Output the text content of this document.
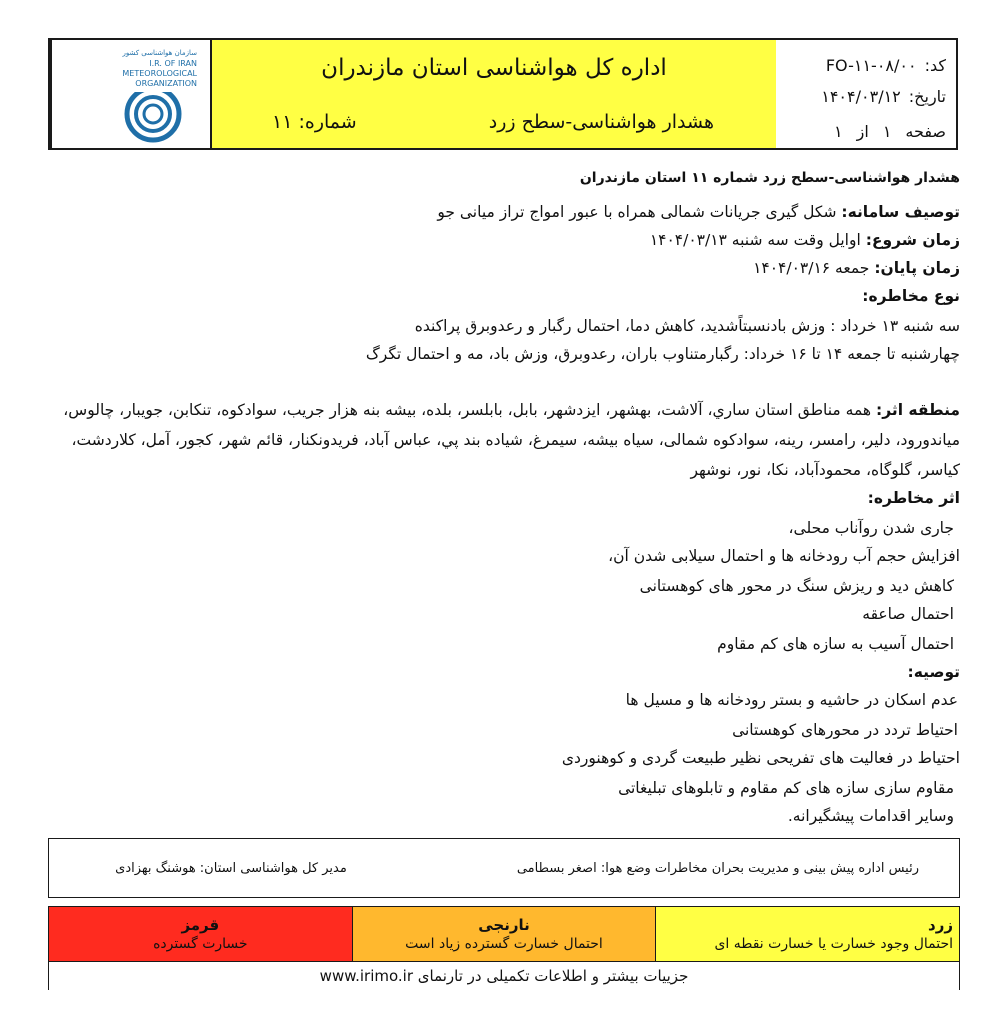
سازمان هواشناسی کشور
I.R. OF IRAN
METEOROLOGICAL
ORGANIZATION
اداره کل هواشناسی استان مازندران
هشدار هواشناسی-سطح زرد
شماره: ۱۱
کد:
FO-۱۱-۰۸/۰۰
تاریخ:
۱۴۰۴/۰۳/۱۲
صفحه
۱
از
۱
هشدار هواشناسی-سطح زرد شماره ۱۱ استان مازندران
توصیف سامانه: شکل گیری جریانات شمالی همراه با عبور امواج تراز میانی جو
زمان شروع: اوایل وقت سه شنبه ۱۴۰۴/۰۳/۱۳
زمان پایان: جمعه ۱۴۰۴/۰۳/۱۶
نوع مخاطره:
سه شنبه ۱۳ خرداد : وزش بادنسبتاًشدید، کاهش دما، احتمال رگبار و رعدوبرق پراکنده
چهارشنبه تا جمعه ۱۴ تا ۱۶ خرداد: رگبارمتناوب باران، رعدوبرق، وزش باد، مه و احتمال تگرگ
منطقه اثر: همه مناطق استان ساري، آلاشت، بهشهر، ايزدشهر، بابل، بابلسر، بلده، بيشه بنه هزار جريب، سوادکوه، تنکابن، جويبار، چالوس،
مياندورود، دلير، رامسر، رينه، سوادکوه شمالی، سياه بيشه، سيمرغ، شياده بند پي، عباس آباد، فريدونکنار، قائم شهر، کجور، آمل، کلاردشت،
کياسر، گلوگاه، محمودآباد، نکا، نور، نوشهر
اثر مخاطره:
جاری شدن روآناب محلی،
افزایش حجم آب رودخانه ها و احتمال سیلابی شدن آن،
کاهش دید و ریزش سنگ در محور های کوهستانی
احتمال صاعقه
احتمال آسیب به سازه های کم مقاوم
توصیه:
عدم اسکان در حاشیه و بستر رودخانه ها و مسیل ها
احتیاط تردد در محورهای کوهستانی
احتیاط در فعالیت های تفریحی نظیر طبیعت گردی و کوهنوردی
مقاوم سازی سازه های کم مقاوم و تابلوهای تبلیغاتی
وسایر اقدامات پیشگیرانه.
رئیس اداره پیش بینی و مدیریت بحران مخاطرات وضع هوا: اصغر بسطامی
مدیر کل هواشناسی استان: هوشنگ بهزادی
زرد
احتمال وجود خسارت یا خسارت نقطه ای
نارنجی
احتمال خسارت گسترده زیاد است
قرمز
خسارت گسترده
جزییات بیشتر و اطلاعات تکمیلی در تارنمای www.irimo.ir
